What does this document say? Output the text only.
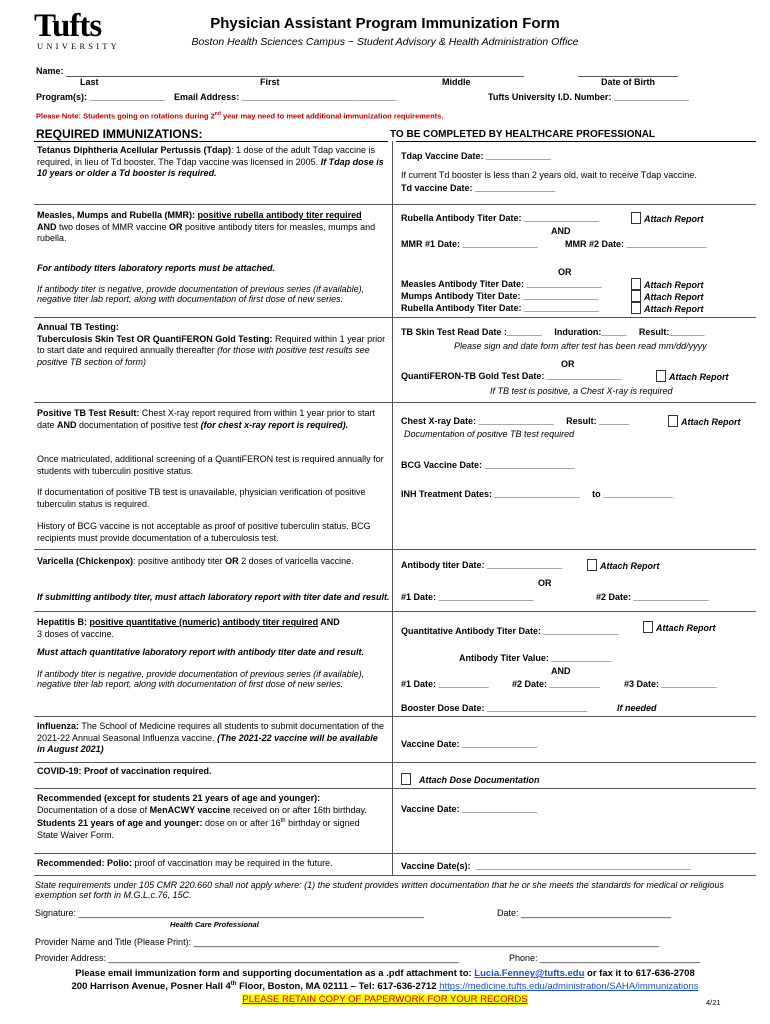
Tufts
UNIVERSITY
Physician Assistant Program Immunization Form
Boston Health Sciences Campus ~ Student Advisory & Health Administration Office
Name:
Last	First	Middle	Date of Birth
Program(s): _______________ Email Address: _______________________________	Tufts University I.D. Number: _______________
Please Note: Students going on rotations during 2nd year may need to meet additional immunization requirements.
REQUIRED IMMUNIZATIONS:	TO BE COMPLETED BY HEALTHCARE PROFESSIONAL
Tetanus Diphtheria Acellular Pertussis (Tdap): 1 dose of the adult Tdap vaccine is required, in lieu of Td booster. The Tdap vaccine was licensed in 2005. If Tdap dose is 10 years or older a Td booster is required.
Tdap Vaccine Date: _____________
If current Td booster is less than 2 years old, wait to receive Tdap vaccine.
Td vaccine Date: ________________
Measles, Mumps and Rubella (MMR): positive rubella antibody titer required AND two doses of MMR vaccine OR positive antibody titers for measles, mumps and rubella.
For antibody titers laboratory reports must be attached.
If antibody titer is negative, provide documentation of previous series (if available), negative titer lab report, along with documentation of first dose of new series.
Rubella Antibody Titer Date: _______________	Attach Report
AND
MMR #1 Date: _______________	MMR #2 Date: ________________
OR
Measles Antibody Titer Date: _______________	Attach Report
Mumps Antibody Titer Date: _______________	Attach Report
Rubella Antibody Titer Date: _______________	Attach Report
Annual TB Testing:
Tuberculosis Skin Test OR QuantiFERON Gold Testing: Required within 1 year prior to start date and required annually thereafter (for those with positive test results see positive TB section of form)
TB Skin Test Read Date :_______     Induration:_____     Result:_______
Please sign and date form after test has been read mm/dd/yyyy
OR
QuantiFERON-TB Gold Test Date: _______________	Attach Report
If TB test is positive, a Chest X-ray is required
Positive TB Test Result: Chest X-ray report required from within 1 year prior to start date AND documentation of positive test (for chest x-ray report is required).
Once matriculated, additional screening of a QuantiFERON test is required annually for students with tuberculin positive status.
If documentation of positive TB test is unavailable, physician verification of positive tuberculin status is required.
History of BCG vaccine is not acceptable as proof of positive tuberculin status. BCG recipients must provide documentation of a tuberculosis test.
Chest X-ray Date: _______________     Result: ______	Attach Report
Documentation of positive TB test required
BCG Vaccine Date: __________________
INH Treatment Dates: _________________     to ______________
Varicella (Chickenpox): positive antibody titer OR 2 doses of varicella vaccine.
If submitting antibody titer, must attach laboratory report with titer date and result.
Antibody titer Date: _______________	Attach Report
OR
#1 Date: ___________________	#2 Date: _______________
Hepatitis B: positive quantitative (numeric) antibody titer required AND
3 doses of vaccine.
Must attach quantitative laboratory report with antibody titer date and result.
If antibody titer is negative, provide documentation of previous series (if available), negative titer lab report, along with documentation of first dose of new series.
Quantitative Antibody Titer Date: _______________	Attach Report
Antibody Titer Value: ____________
AND
#1 Date: __________	#2 Date: __________	#3 Date: ___________
Booster Dose Date: ____________________	If needed
Influenza: The School of Medicine requires all students to submit documentation of the 2021-22 Annual Seasonal Influenza vaccine. (The 2021-22 vaccine will be available in August 2021)	Vaccine Date: _______________
COVID-19: Proof of vaccination required.
Attach Dose Documentation
Recommended (except for students 21 years of age and younger):
Documentation of a dose of MenACWY vaccine received on or after 16th birthday.
Students 21 years of age and younger: dose on or after 16th birthday or signed State Waiver Form.
Vaccine Date: _______________
Recommended: Polio: proof of vaccination may be required in the future.	Vaccine Date(s):  ___________________________________________
State requirements under 105 CMR 220.660 shall not apply where: (1) the student provides written documentation that he or she meets the standards for medical or religious exemption set forth in M.G.L.c.76, 15C.
Signature: _____________________________________________________________________	Date: ______________________________
Health Care Professional
Provider Name and Title (Please Print): _____________________________________________________________________________________________
Provider Address: ______________________________________________________________________	Phone: ________________________________
Please email immunization form and supporting documentation as a .pdf attachment to: Lucia.Fenney@tufts.edu or fax it to 617-636-2708
200 Harrison Avenue, Posner Hall 4th Floor, Boston, MA 02111 – Tel: 617-636-2712 https://medicine.tufts.edu/administration/SAHA/immunizations
PLEASE RETAIN COPY OF PAPERWORK FOR YOUR RECORDS	4/21
